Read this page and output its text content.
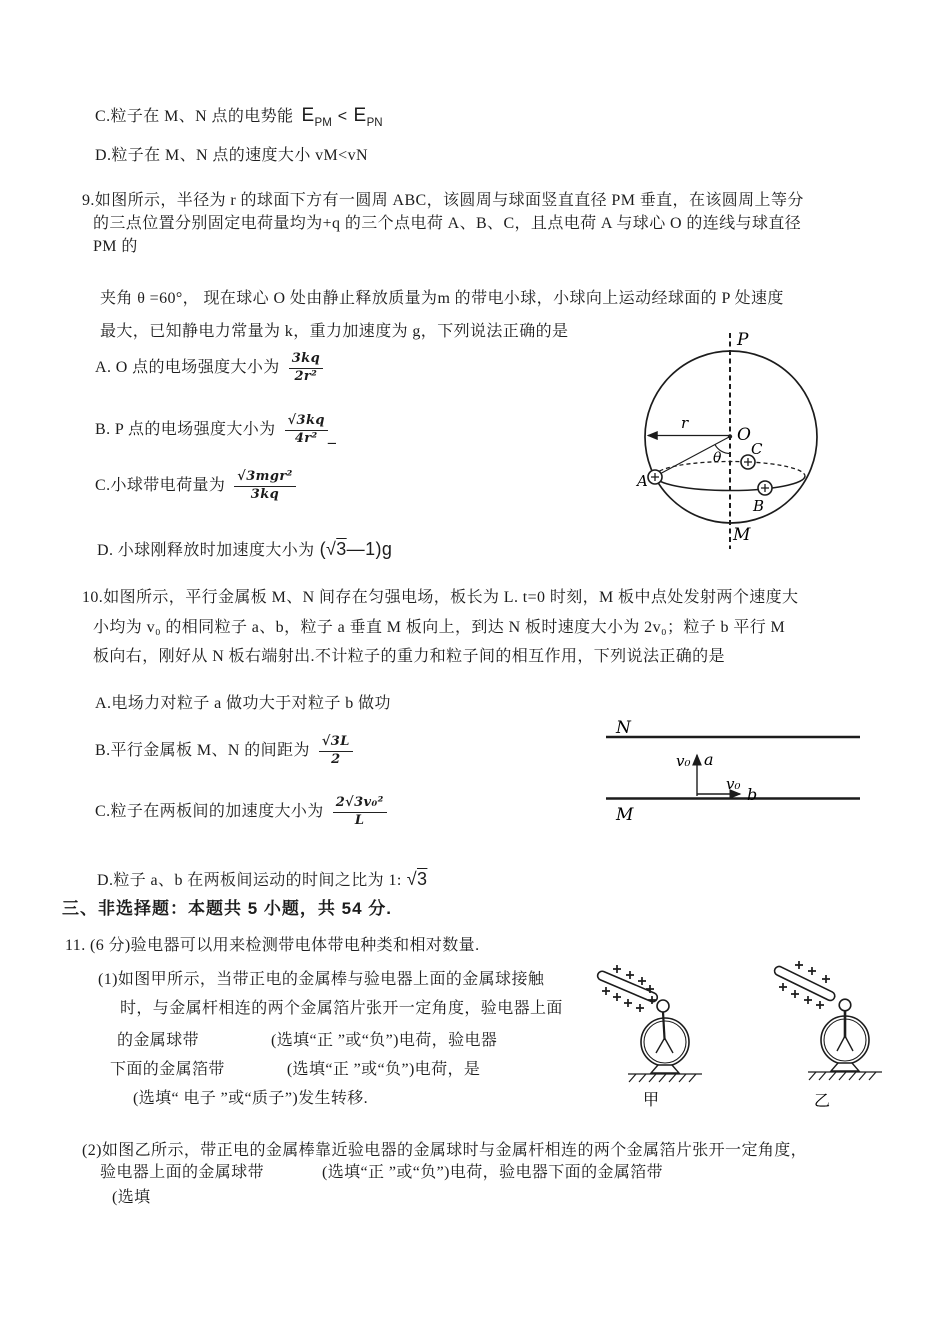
C.粒子在 M、N 点的电势能 $E_{PM} < E_{PN}$
D.粒子在 M、N 点的速度大小 vM<vN
9.如图所示，半径为 r 的球面下方有一圆周 ABC，该圆周与球面竖直直径 PM 垂直，在该圆周上等分
的三点位置分别固定电荷量均为+q 的三个点电荷 A、B、C，且点电荷 A 与球心 O 的连线与球直径
PM 的
夹角 θ =60°， 现在球心 O 处由静止释放质量为m 的带电小球，小球向上运动经球面的 P 处速度
最大，已知静电力常量为 k，重力加速度为 g，下列说法正确的是
A. O 点的电场强度大小为 $\frac{3kq}{\text{2r²}}$
B. P 点的电场强度大小为 $\frac{√3kq}{\text{4r²}}$ _
C.小球带电荷量为 $\frac{\text{√3mgr²}}{3kq}$
D. 小球刚释放时加速度大小为 (√3—1)g
P
M
O
C
B
A
r
θ
10.如图所示，平行金属板 M、N 间存在匀强电场，板长为 L. t=0 时刻，M 板中点处发射两个速度大
小均为 v₀ 的相同粒子 a、b，粒子 a 垂直 M 板向上，到达 N 板时速度大小为 2v₀；粒子 b 平行 M
板向右，刚好从 N 板右端射出.不计粒子的重力和粒子间的相互作用，下列说法正确的是
A.电场力对粒子 a 做功大于对粒子 b 做功
B.平行金属板 M、N 的间距为 $\frac{√3L}{2}$
C.粒子在两板间的加速度大小为 $\frac{\text{2√3v₀²}}{L}$
D.粒子 a、b 在两板间运动的时间之比为 1: √3
N
M
v₀ a
v₀
b
三、非选择题：本题共 5 小题，共 54 分.
11. (6 分)验电器可以用来检测带电体带电种类和相对数量.
(1)如图甲所示，当带正电的金属棒与验电器上面的金属球接触
时，与金属杆相连的两个金属箔片张开一定角度，验电器上面
的金属球带	(选填“正 ”或“负”)电荷，验电器
下面的金属箔带	(选填“正 ”或“负”)电荷，是
(选填“ 电子 ”或“质子”)发生转移.
(2)如图乙所示，带正电的金属棒靠近验电器的金属球时与金属杆相连的两个金属箔片张开一定角度，
验电器上面的金属球带	(选填“正 ”或“负”)电荷，验电器下面的金属箔带
(选填
甲	乙
